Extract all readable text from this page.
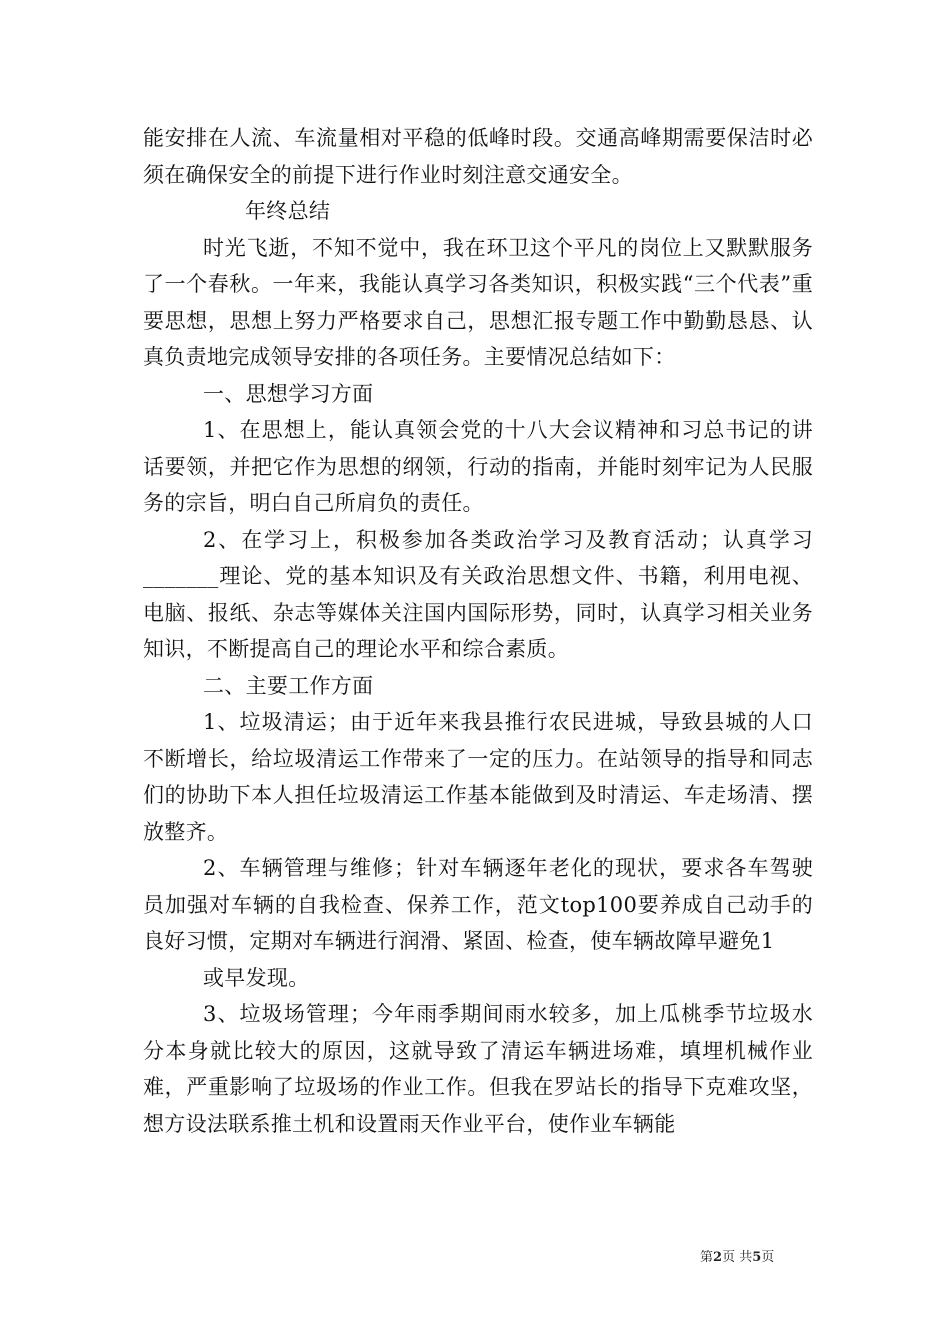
能安排在人流、车流量相对平稳的低峰时段。交通高峰期需要保洁时必须在确保安全的前提下进行作业时刻注意交通安全。

年终总结

时光飞逝，不知不觉中，我在环卫这个平凡的岗位上又默默服务了一个春秋。一年来，我能认真学习各类知识，积极实践“三个代表”重要思想，思想上努力严格要求自己，思想汇报专题工作中勤勤恳恳、认真负责地完成领导安排的各项任务。主要情况总结如下：

一、思想学习方面

1、在思想上，能认真领会党的十八大会议精神和习总书记的讲话要领，并把它作为思想的纲领，行动的指南，并能时刻牢记为人民服务的宗旨，明白自己所肩负的责任。

2、在学习上，积极参加各类政治学习及教育活动；认真学习_______理论、党的基本知识及有关政治思想文件、书籍，利用电视、电脑、报纸、杂志等媒体关注国内国际形势，同时，认真学习相关业务知识，不断提高自己的理论水平和综合素质。

二、主要工作方面

1、垃圾清运；由于近年来我县推行农民进城，导致县城的人口不断增长，给垃圾清运工作带来了一定的压力。在站领导的指导和同志们的协助下本人担任垃圾清运工作基本能做到及时清运、车走场清、摆放整齐。

2、车辆管理与维修；针对车辆逐年老化的现状，要求各车驾驶员加强对车辆的自我检查、保养工作，范文top100要养成自己动手的良好习惯，定期对车辆进行润滑、紧固、检查，使车辆故障早避免1

或早发现。

3、垃圾场管理；今年雨季期间雨水较多，加上瓜桃季节垃圾水分本身就比较大的原因，这就导致了清运车辆进场难，填埋机械作业难，严重影响了垃圾场的作业工作。但我在罗站长的指导下克难攻坚，想方设法联系推土机和设置雨天作业平台，使作业车辆能

第2页 共5页
